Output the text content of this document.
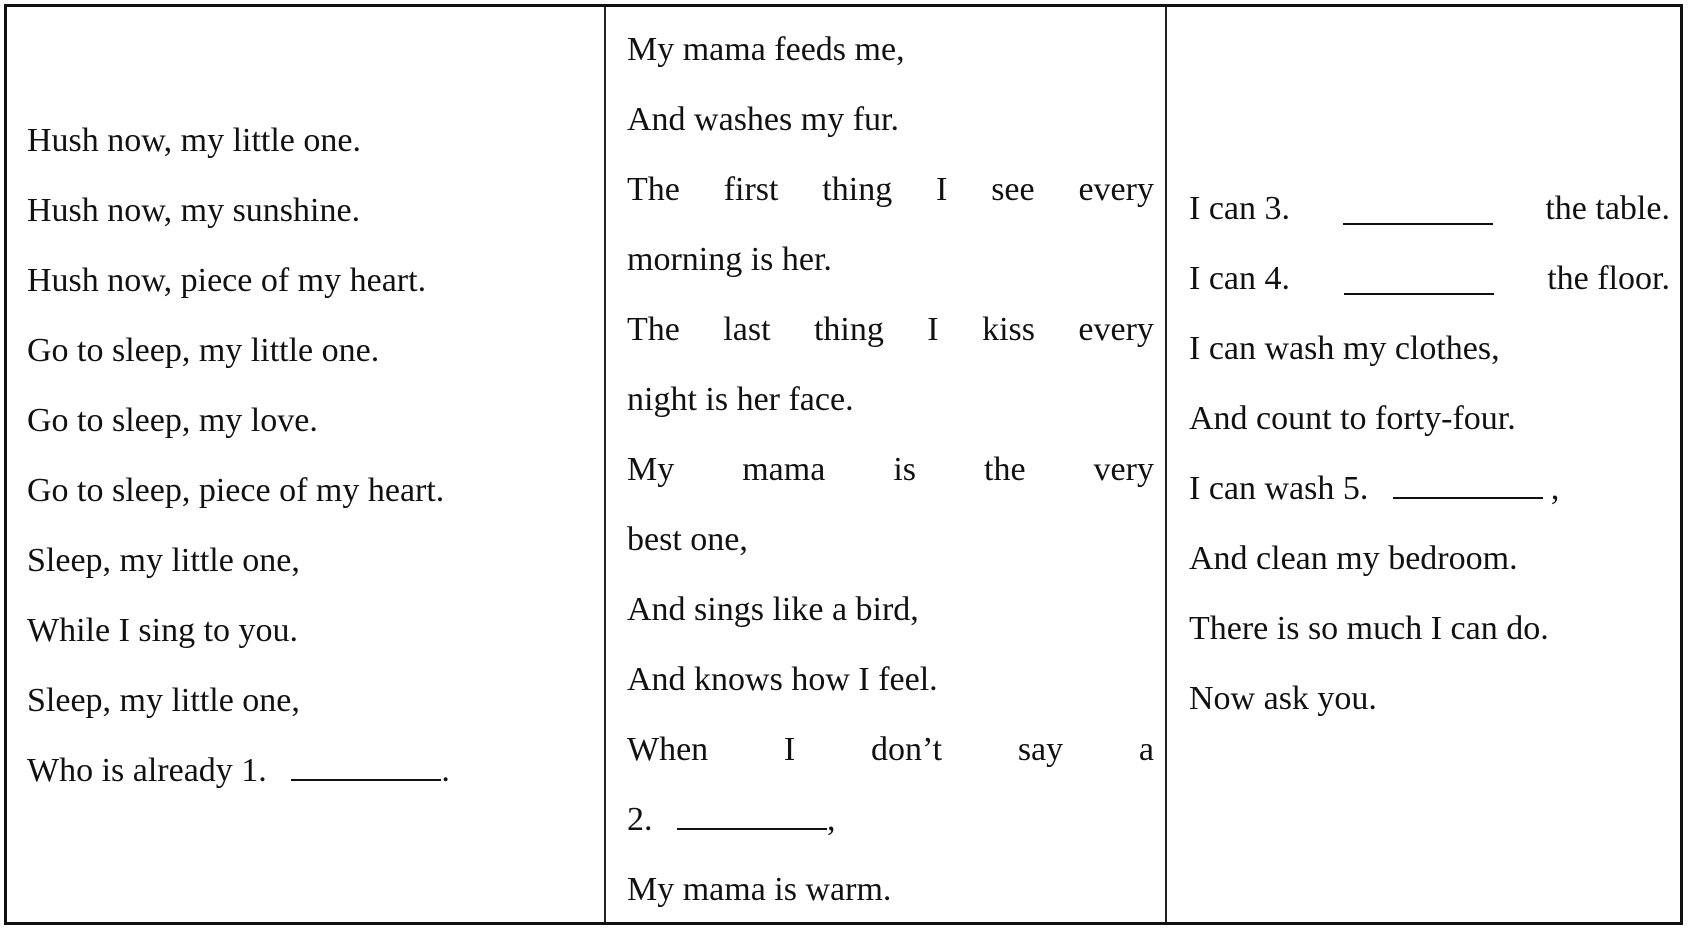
Hush now, my little one.
Hush now, my sunshine.
Hush now, piece of my heart.
Go to sleep, my little one.
Go to sleep, my love.
Go to sleep, piece of my heart.
Sleep, my little one,
While I sing to you.
Sleep, my little one,
Who is already 1.	.
My mama feeds me,
And washes my fur.
The first thing I see every
morning is her.
The last thing I kiss every
night is her face.
My mama is the very
best one,
And sings like a bird,
And knows how I feel.
When I don’t say a
2.	,
My mama is warm.
I can 3.	the table.
I can 4.	the floor.
I can wash my clothes,
And count to forty-four.
I can wash 5.	,
And clean my bedroom.
There is so much I can do.
Now ask you.
